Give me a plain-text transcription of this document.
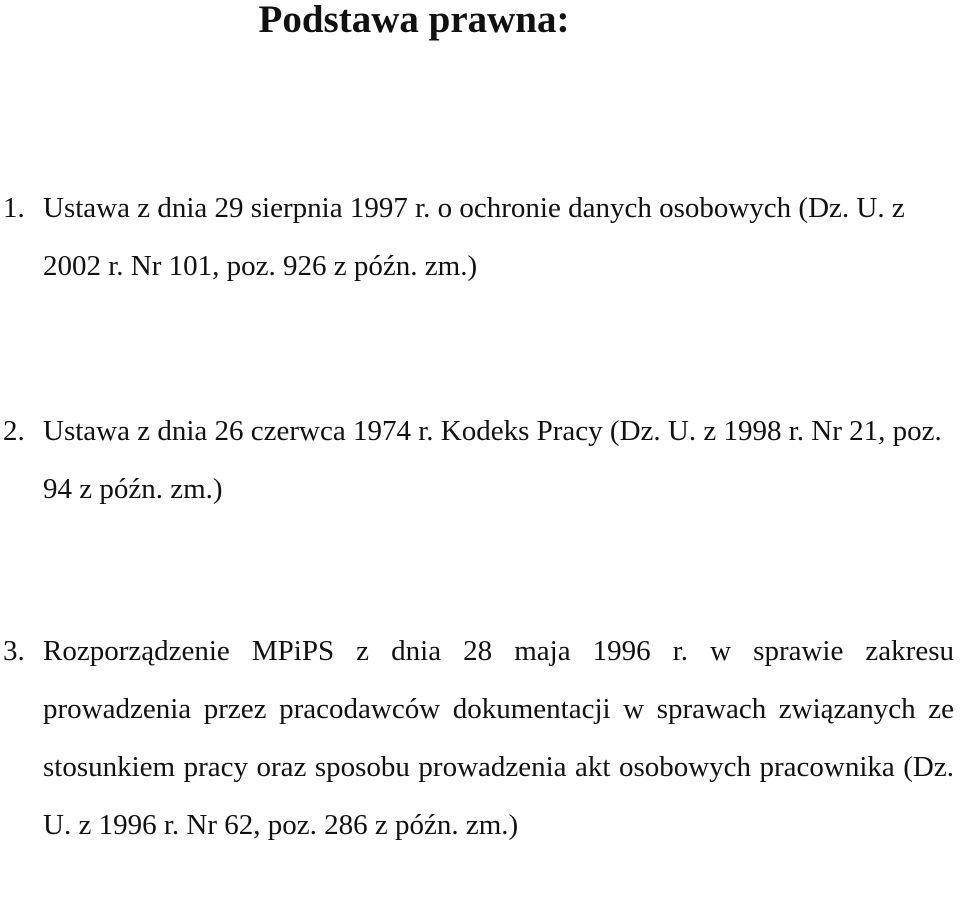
Podstawa prawna:
1. Ustawa z dnia 29 sierpnia 1997 r. o ochronie danych osobowych (Dz. U. z 2002 r. Nr 101, poz. 926 z późn. zm.)
2. Ustawa z dnia 26 czerwca 1974 r. Kodeks Pracy (Dz. U. z 1998 r. Nr 21, poz. 94 z późn. zm.)
3. Rozporządzenie MPiPS z dnia 28 maja 1996 r. w sprawie zakresu prowadzenia przez pracodawców dokumentacji w sprawach związanych ze stosunkiem pracy oraz sposobu prowadzenia akt osobowych pracownika (Dz. U. z 1996 r. Nr 62, poz. 286 z późn. zm.)
